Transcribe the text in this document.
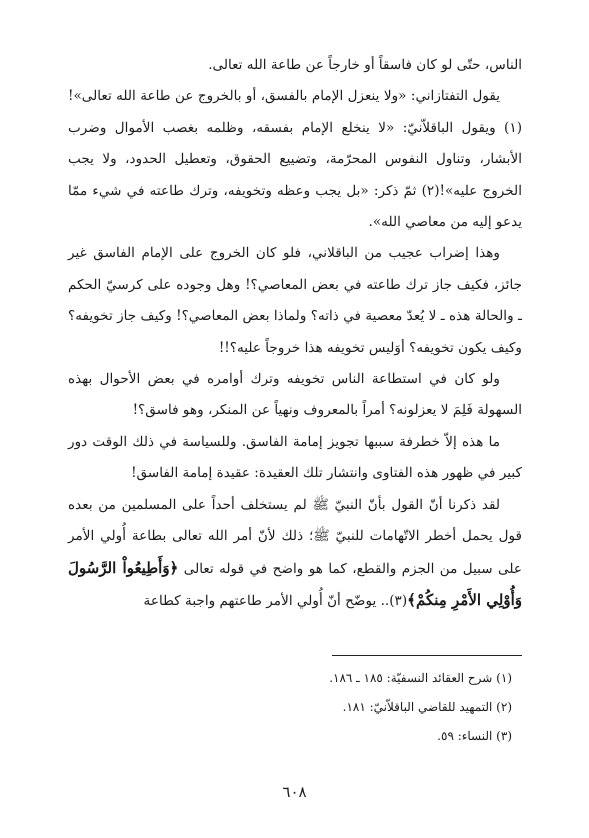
الناس، حتّى لو كان فاسقاً أو خارجاً عن طاعة الله تعالى.

يقول التفتازاني: «ولا ينعزل الإمام بالفسق، أو بالخروج عن طاعة الله تعالى»!(١) ويقول الباقلاّنيّ: «لا ينخلع الإمام بفسقه، وظلمه بغصب الأموال وضرب الأبشار، وتناول النفوس المحرّمة، وتضييع الحقوق، وتعطيل الحدود، ولا يجب الخروج عليه»!(٢) ثمّ ذكر: «بل يجب وعظه وتخويفه، وترك طاعته في شيء ممّا يدعو إليه من معاصي الله».

وهذا إضراب عجيب من الباقلاني، فلو كان الخروج على الإمام الفاسق غير جائز، فكيف جاز ترك طاعته في بعض المعاصي؟! وهل وجوده على كرسيّ الحكم ـ والحالة هذه ـ لا يُعدّ معصية في ذاته؟ ولماذا بعض المعاصي؟! وكيف جاز تخويفه؟ وكيف يكون تخويفه؟ أوَليس تخويفه هذا خروجاً عليه؟!!

ولو كان في استطاعة الناس تخويفه وترك أوامره في بعض الأحوال بهذه السهولة فَلِمَ لا يعزلونه؟ أمراً بالمعروف ونهياً عن المنكر، وهو فاسق؟!

ما هذه إلاّ خطرفة سببها تجويز إمامة الفاسق. وللسياسة في ذلك الوقت دور كبير في ظهور هذه الفتاوى وانتشار تلك العقيدة: عقيدة إمامة الفاسق!

لقد ذكرنا أنّ القول بأنّ النبيّ ﷺ لم يستخلف أحداً على المسلمين من بعده قول يحمل أخطر الاتّهامات للنبيّ ﷺ؛ ذلك لأنّ أمر الله تعالى بطاعة أُولي الأمر على سبيل من الجزم والقطع، كما هو واضح في قوله تعالى ﴿وَأَطِيعُواْ الرَّسُولَ وَأُوْلِي الأَمْرِ مِنكُمْ﴾(٣).. يوضّح أنّ أُولي الأمر طاعتهم واجبة كطاعة

(١) شرح العقائد النسفيّة: ١٨٥ ـ ١٨٦.

(٢) التمهيد للقاضي الباقلاّنيّ: ١٨١.

(٣) النساء: ٥٩.

٦٠٨
